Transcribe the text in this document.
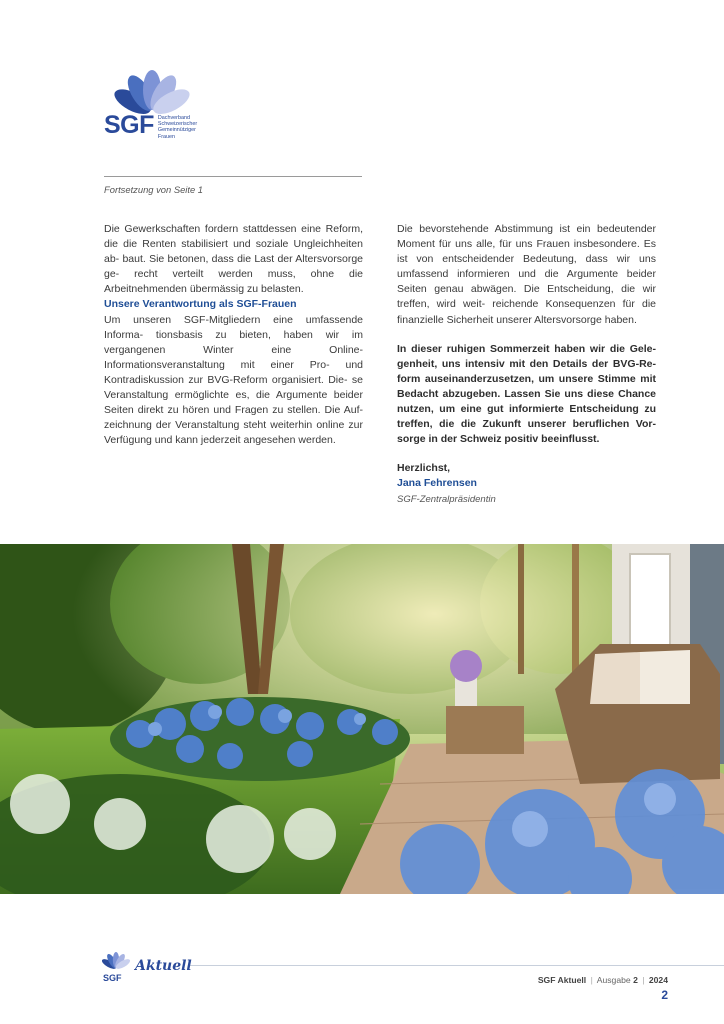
SGF Dachverband
Schweizerischer
Gemeinnütziger
Frauen
Fortsetzung von Seite 1

Die Gewerkschaften fordern stattdessen eine Reform, die die Renten stabilisiert und soziale Ungleichheiten ab- baut. Sie betonen, dass die Last der Altersvorsorge ge- recht verteilt werden muss, ohne die Arbeitnehmenden übermässig zu belasten.

Unsere Verantwortung als SGF-Frauen

Um unseren SGF-Mitgliedern eine umfassende Informa- tionsbasis zu bieten, haben wir im vergangenen Winter	eine Online-Informationsveranstaltung mit einer Pro- und Kontradiskussion zur BVG-Reform organisiert. Die- se Veranstaltung ermöglichte es, die Argumente beider Seiten direkt zu hören und Fragen zu stellen. Die Auf- zeichnung der Veranstaltung steht weiterhin online zur Verfügung und kann jederzeit angesehen werden.

Die bevorstehende Abstimmung ist ein bedeutender Moment für uns alle, für uns Frauen insbesondere. Es ist von entscheidender Bedeutung, dass wir uns umfassend informieren und die Argumente beider Seiten genau abwägen. Die Entscheidung, die wir treffen, wird weit- reichende Konsequenzen für die finanzielle Sicherheit unserer Altersvorsorge haben.

In dieser ruhigen Sommerzeit haben wir die Gele- genheit, uns intensiv mit den Details der BVG-Re- form auseinanderzusetzen, um unsere Stimme mit Bedacht abzugeben. Lassen Sie uns diese Chance nutzen, um eine gut informierte Entscheidung zu treffen, die die Zukunft unserer beruflichen Vor- sorge in der Schweiz positiv beeinflusst.

Herzlichst,

Jana Fehrensen

SGF-Zentralpräsidentin

SGF
Aktuell
SGF Aktuell | Ausgabe 2 | 2024
2
